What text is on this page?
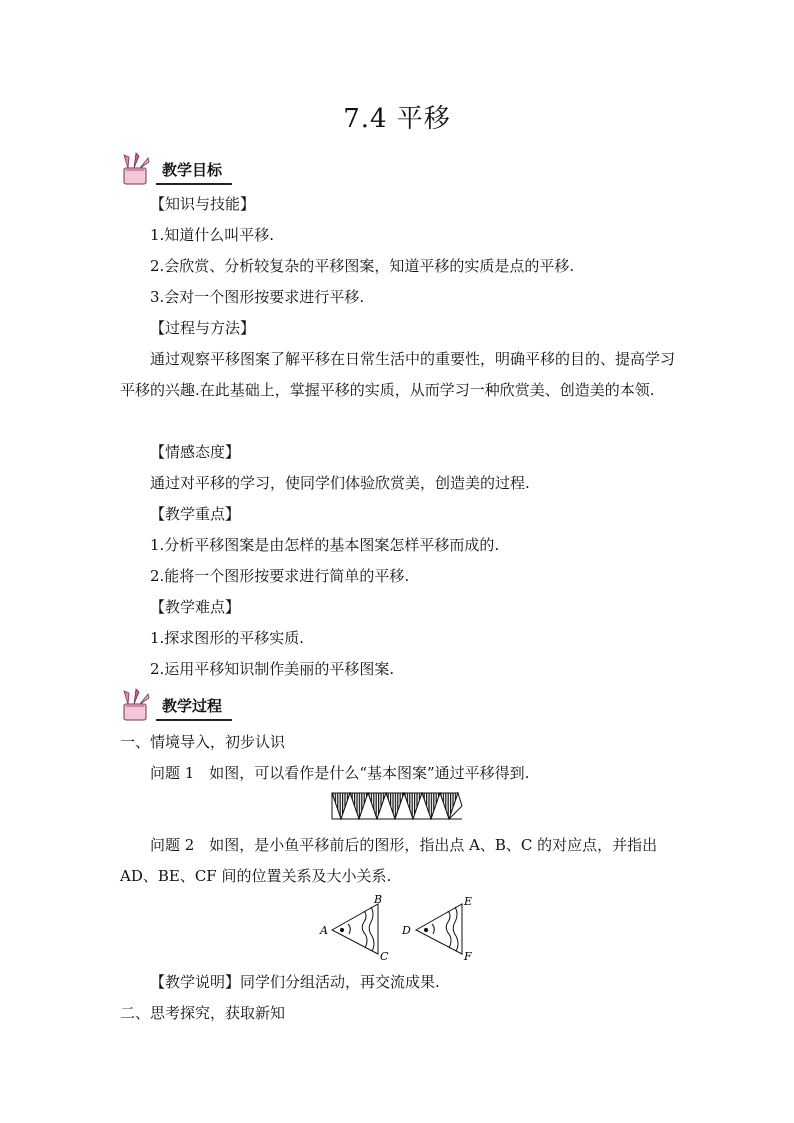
7.4 平移
教学目标
【知识与技能】
1.知道什么叫平移.
2.会欣赏、分析较复杂的平移图案，知道平移的实质是点的平移.
3.会对一个图形按要求进行平移.
【过程与方法】
通过观察平移图案了解平移在日常生活中的重要性，明确平移的目的、提高学习平移的兴趣.在此基础上，掌握平移的实质，从而学习一种欣赏美、创造美的本领.
【情感态度】
通过对平移的学习，使同学们体验欣赏美，创造美的过程.
【教学重点】
1.分析平移图案是由怎样的基本图案怎样平移而成的.
2.能将一个图形按要求进行简单的平移.
【教学难点】
1.探求图形的平移实质.
2.运用平移知识制作美丽的平移图案.
教学过程
一、情境导入，初步认识
问题 1　如图，可以看作是什么“基本图案”通过平移得到.
问题 2　如图，是小鱼平移前后的图形，指出点 A、B、C 的对应点，并指出 AD、BE、CF 间的位置关系及大小关系.
A
B
C
D
E
F
【教学说明】同学们分组活动，再交流成果.
二、思考探究，获取新知
